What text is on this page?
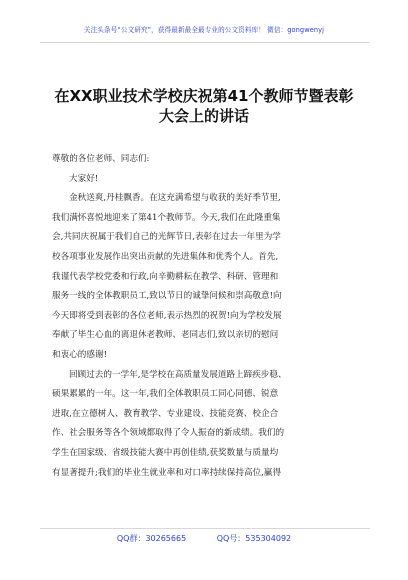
关注头条号“公文研究”，获得最新最全最专业的公文资料库！ 微信：gongwenyj
在XX职业技术学校庆祝第41个教师节暨表彰
大会上的讲话

尊敬的各位老师、同志们:

大家好!

金秋送爽,丹桂飘香。在这充满希望与收获的美好季节里,

我们满怀喜悦地迎来了第41个教师节。今天,我们在此隆重集

会,共同庆祝属于我们自己的光辉节日,表彰在过去一年里为学

校各项事业发展作出突出贡献的先进集体和优秀个人。首先,

我谨代表学校党委和行政,向辛勤耕耘在教学、科研、管理和

服务一线的全体教职员工,致以节日的诚挚问候和崇高敬意!向

今天即将受到表彰的各位老师,表示热烈的祝贺!向为学校发展

奉献了毕生心血的离退休老教师、老同志们,致以亲切的慰问

和衷心的感谢!

回顾过去的一学年,是学校在高质量发展道路上蹄疾步稳、

硕果累累的一年。这一年,我们全体教职员工同心同德、锐意

进取,在立德树人、教育教学、专业建设、技能竞赛、校企合

作、社会服务等各个领域都取得了令人振奋的新成绩。我们的

学生在国家级、省级技能大赛中再创佳绩,获奖数量与质量均

有显著提升;我们的毕业生就业率和对口率持续保持高位,赢得

QQ群：30265665	QQ号：535304092
